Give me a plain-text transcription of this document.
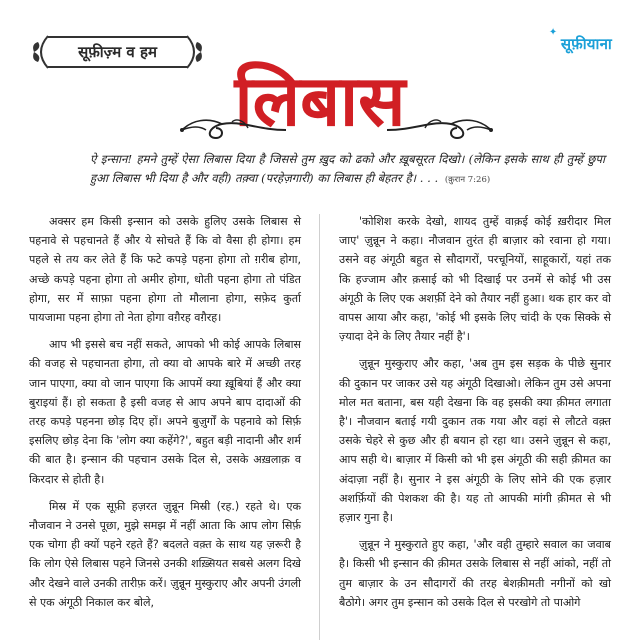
सूफ़ीज़्म व हम
✦
सूफ़ीयाना
लिबास
ऐ इन्सान! हमने तुम्हें ऐसा लिबास दिया है जिससे तुम ख़ुद को ढको और ख़ूबसूरत दिखो। (लेकिन इसके साथ ही तुम्हें छुपा हुआ लिबास भी दिया है और वही) तक़्वा (परहेज़गारी) का लिबास ही बेहतर है। . . . (क़ुरान 7:26)

अक्सर हम किसी इन्सान को उसके हुलिए उसके लिबास से पहनावे से पहचानते हैं और ये सोचते हैं कि वो वैसा ही होगा। हम पहले से तय कर लेते हैं कि फटे कपड़े पहना होगा तो ग़रीब होगा, अच्छे कपड़े पहना होगा तो अमीर होगा, धोती पहना होगा तो पंडित होगा, सर में साफ़ा पहना होगा तो मौलाना होगा, सफ़ेद कुर्ता पायजामा पहना होगा तो नेता होगा वग़ैरह वग़ैरह।

आप भी इससे बच नहीं सकते, आपको भी कोई आपके लिबास की वजह से पहचानता होगा, तो क्या वो आपके बारे में अच्छी तरह जान पाएगा, क्या वो जान पाएगा कि आपमें क्या ख़ूबियां हैं और क्या बुराइयां हैं। हो सकता है इसी वजह से आप अपने बाप दादाओं की तरह कपड़े पहनना छोड़ दिए हों। अपने बुज़ुर्गों के पहनावे को सिर्फ़ इसलिए छोड़ देना कि 'लोग क्या कहेंगे?', बहुत बड़ी नादानी और शर्म की बात है। इन्सान की पहचान उसके दिल से, उसके अख़लाक़ व किरदार से होती है।

मिस्र में एक सूफ़ी हज़रत ज़ुन्नून मिस्री (रह.) रहते थे। एक नौजवान ने उनसे पूछा, मुझे समझ में नहीं आता कि आप लोग सिर्फ़ एक चोगा ही क्यों पहने रहते हैं? बदलते वक़्त के साथ यह ज़रूरी है कि लोग ऐसे लिबास पहने जिनसे उनकी शख़्सियत सबसे अलग दिखे और देखने वाले उनकी तारीफ़ करें। ज़ुन्नून मुस्कुराए और अपनी उंगली से एक अंगूठी निकाल कर बोले,

'कोशिश करके देखो, शायद तुम्हें वाक़ई कोई ख़रीदार मिल जाए' ज़ुन्नून ने कहा। नौजवान तुरंत ही बाज़ार को रवाना हो गया। उसने वह अंगूठी बहुत से सौदागरों, परचूनियों, साहूकारों, यहां तक कि हज्जाम और क़साई को भी दिखाई पर उनमें से कोई भी उस अंगूठी के लिए एक अशर्फ़ी देने को तैयार नहीं हुआ। थक हार कर वो वापस आया और कहा, 'कोई भी इसके लिए चांदी के एक सिक्के से ज़्यादा देने के लिए तैयार नहीं है'।

ज़ुन्नून मुस्कुराए और कहा, 'अब तुम इस सड़क के पीछे सुनार की दुकान पर जाकर उसे यह अंगूठी दिखाओ। लेकिन तुम उसे अपना मोल मत बताना, बस यही देखना कि वह इसकी क्या क़ीमत लगाता है'। नौजवान बताई गयी दुकान तक गया और वहां से लौटते वक़्त उसके चेहरे से कुछ और ही बयान हो रहा था। उसने ज़ुन्नून से कहा, आप सही थे। बाज़ार में किसी को भी इस अंगूठी की सही क़ीमत का अंदाज़ा नहीं है। सुनार ने इस अंगूठी के लिए सोने की एक हज़ार अशर्फ़ियों की पेशकश की है। यह तो आपकी मांगी क़ीमत से भी हज़ार गुना है।

ज़ुन्नून ने मुस्कुराते हुए कहा, 'और वही तुम्हारे सवाल का जवाब है। किसी भी इन्सान की क़ीमत उसके लिबास से नहीं आंको, नहीं तो तुम बाज़ार के उन सौदागरों की तरह बेशक़ीमती नगीनों को खो बैठोगे। अगर तुम इन्सान को उसके दिल से परखोगे तो पाओगे
